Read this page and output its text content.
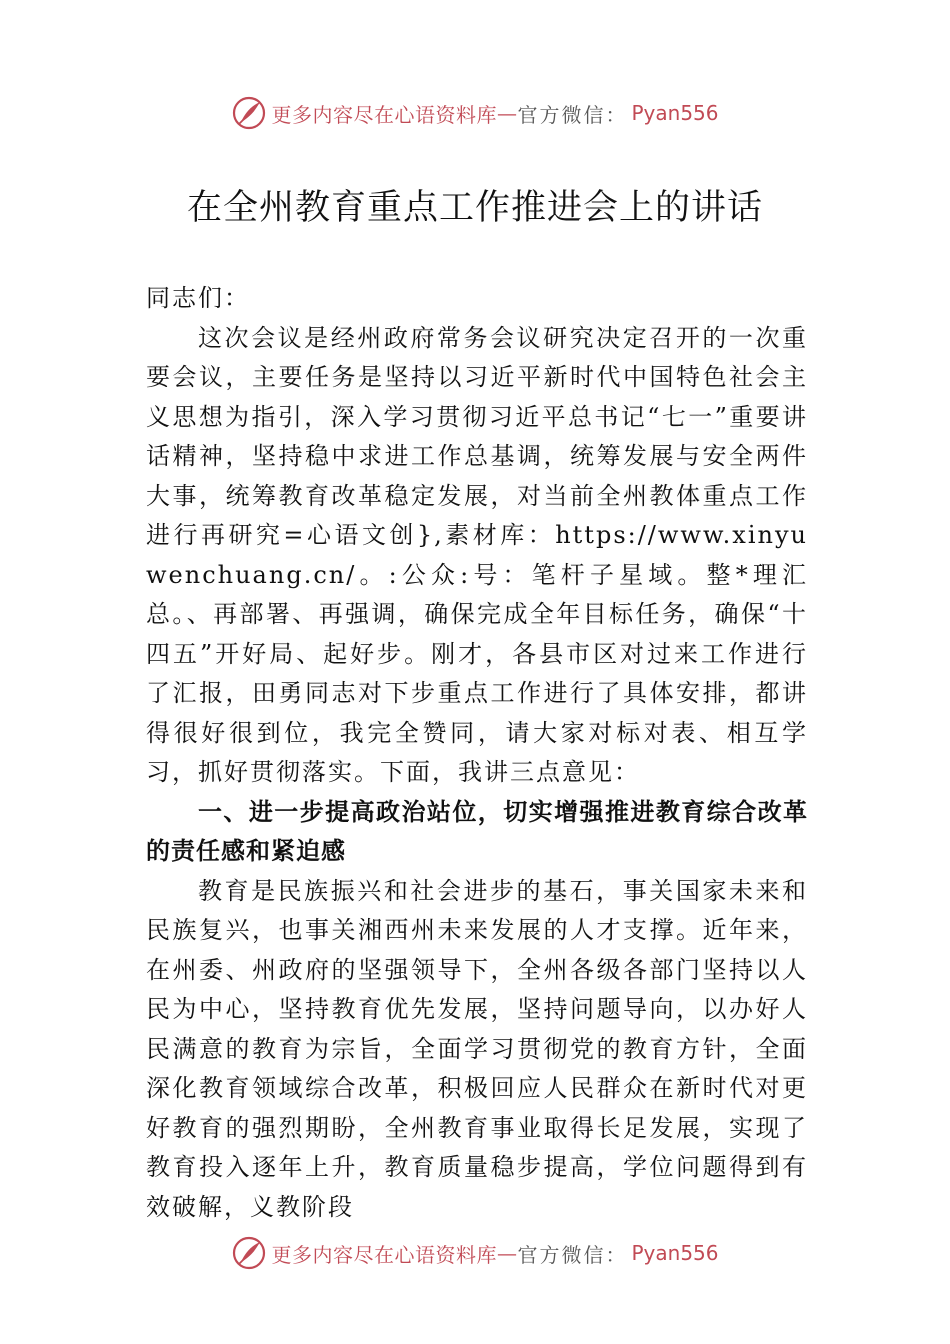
更多内容尽在心语资料库 — 官方微信： Pyan556
在全州教育重点工作推进会上的讲话

同志们：

这次会议是经州政府常务会议研究决定召开的一次重要会议，主要任务是坚持以习近平新时代中国特色社会主义思想为指引，深入学习贯彻习近平总书记“七一”重要讲话精神，坚持稳中求进工作总基调，统筹发展与安全两件大事，统筹教育改革稳定发展，对当前全州教体重点工作进行再研究=心语文创},素材库：https://www.xinyuwenchuang.cn/。:公众:号：笔杆子星域。整*理汇总。、再部署、再强调，确保完成全年目标任务，确保“十四五”开好局、起好步。刚才，各县市区对过来工作进行了汇报，田勇同志对下步重点工作进行了具体安排，都讲得很好很到位，我完全赞同，请大家对标对表、相互学习，抓好贯彻落实。下面，我讲三点意见：

一、进一步提高政治站位，切实增强推进教育综合改革的责任感和紧迫感

教育是民族振兴和社会进步的基石，事关国家未来和民族复兴，也事关湘西州未来发展的人才支撑。近年来，在州委、州政府的坚强领导下，全州各级各部门坚持以人民为中心，坚持教育优先发展，坚持问题导向，以办好人民满意的教育为宗旨，全面学习贯彻党的教育方针，全面深化教育领域综合改革，积极回应人民群众在新时代对更好教育的强烈期盼，全州教育事业取得长足发展，实现了教育投入逐年上升，教育质量稳步提高，学位问题得到有效破解，义教阶段

更多内容尽在心语资料库 — 官方微信： Pyan556
